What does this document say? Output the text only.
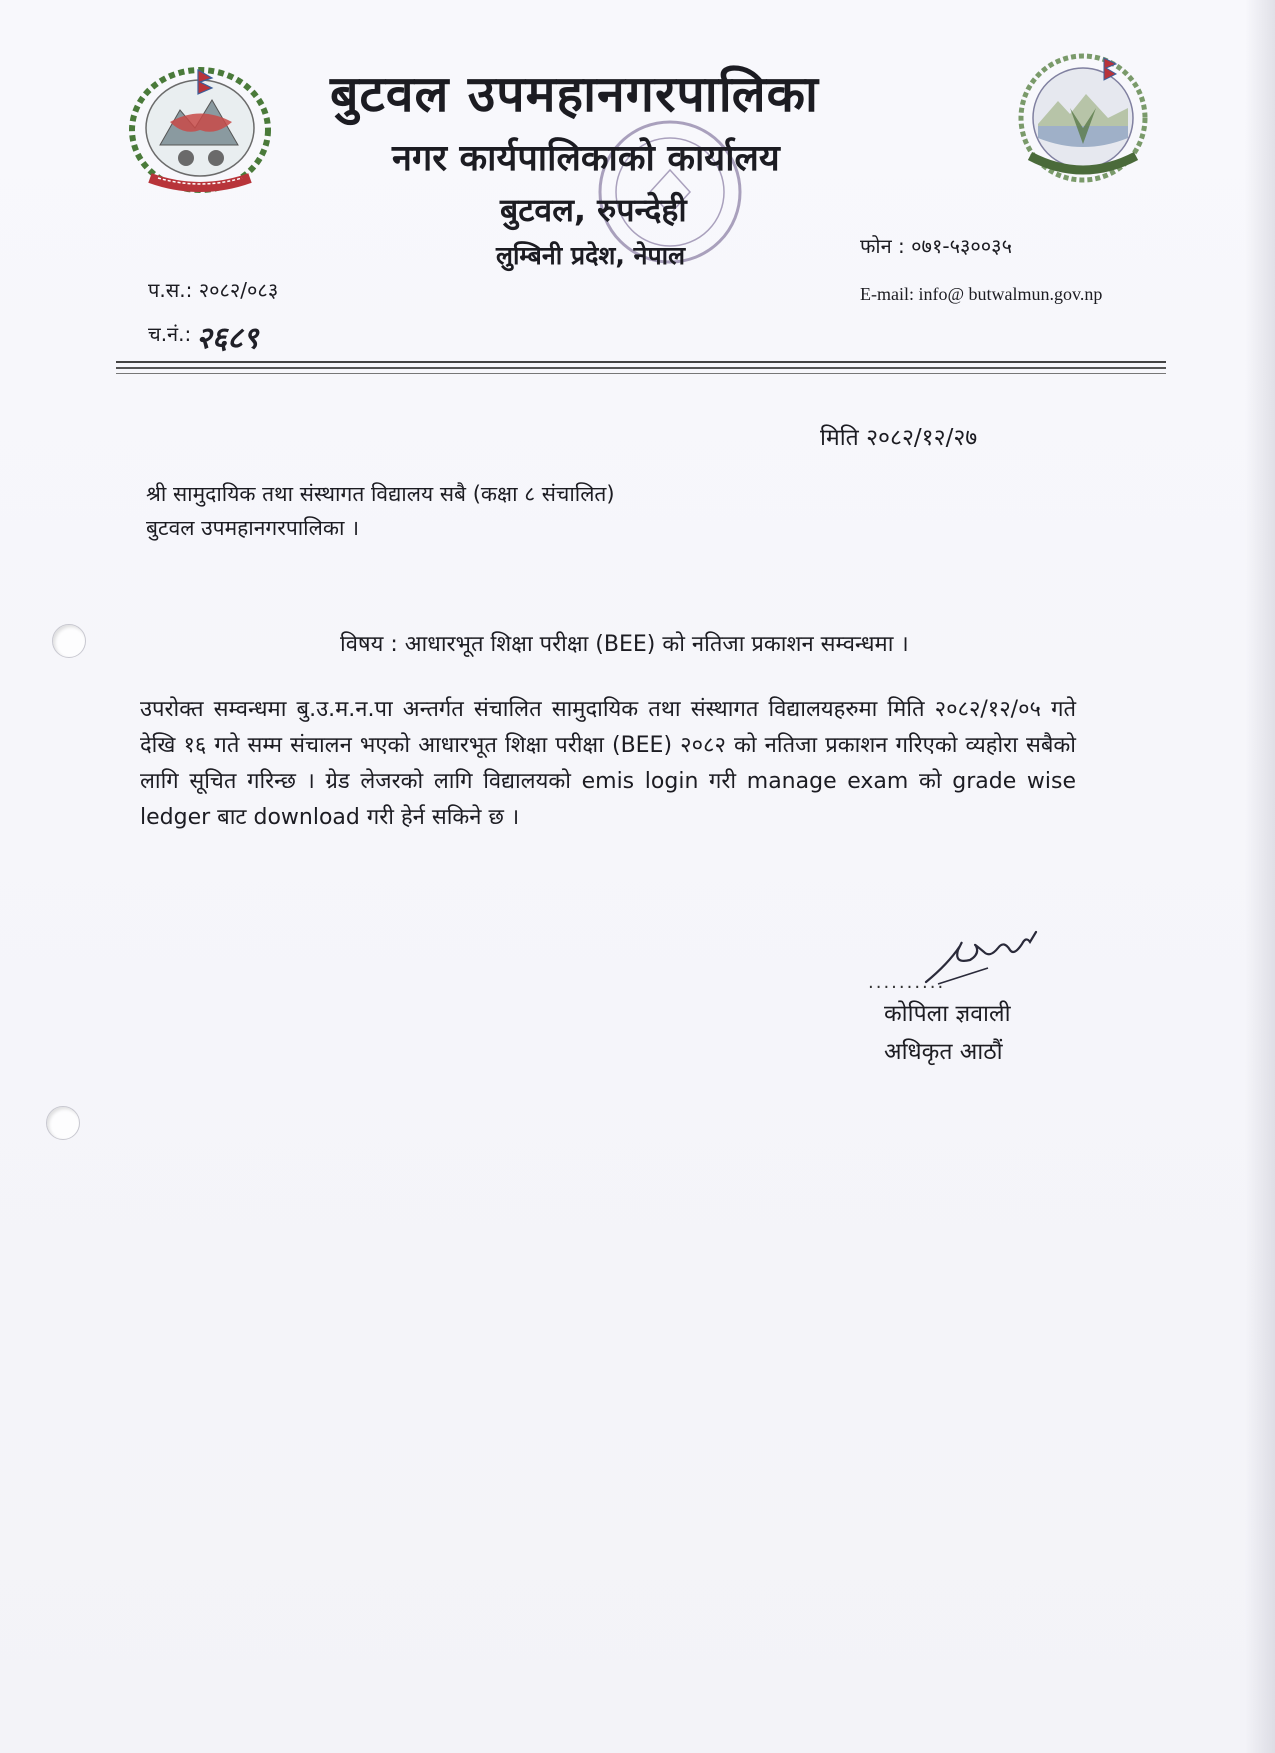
बुटवल उपमहानगरपालिका
नगर कार्यपालिकाको कार्यालय
बुटवल, रुपन्देही
लुम्बिनी प्रदेश, नेपाल	फोन : ०७१-५३००३५
E-mail: info@ butwalmun.gov.np
प.स.: २०८२/०८३
च.नं.: २६८९
मिति २०८२/१२/२७
श्री सामुदायिक तथा संस्थागत विद्यालय सबै (कक्षा ८ संचालित)
बुटवल उपमहानगरपालिका ।
विषय : आधारभूत शिक्षा परीक्षा (BEE) को नतिजा प्रकाशन सम्वन्धमा ।
उपरोक्त सम्वन्धमा बु.उ.म.न.पा अन्तर्गत संचालित सामुदायिक तथा संस्थागत विद्यालयहरुमा मिति २०८२/१२/०५ गते देखि १६ गते सम्म संचालन भएको आधारभूत शिक्षा परीक्षा (BEE) २०८२ को नतिजा प्रकाशन गरिएको व्यहोरा सबैको लागि सूचित गरिन्छ । ग्रेड लेजरको लागि विद्यालयको emis login गरी manage exam को grade wise ledger बाट download गरी हेर्न सकिने छ ।
..........
कोपिला ज्ञवाली
अधिकृत आठौं
